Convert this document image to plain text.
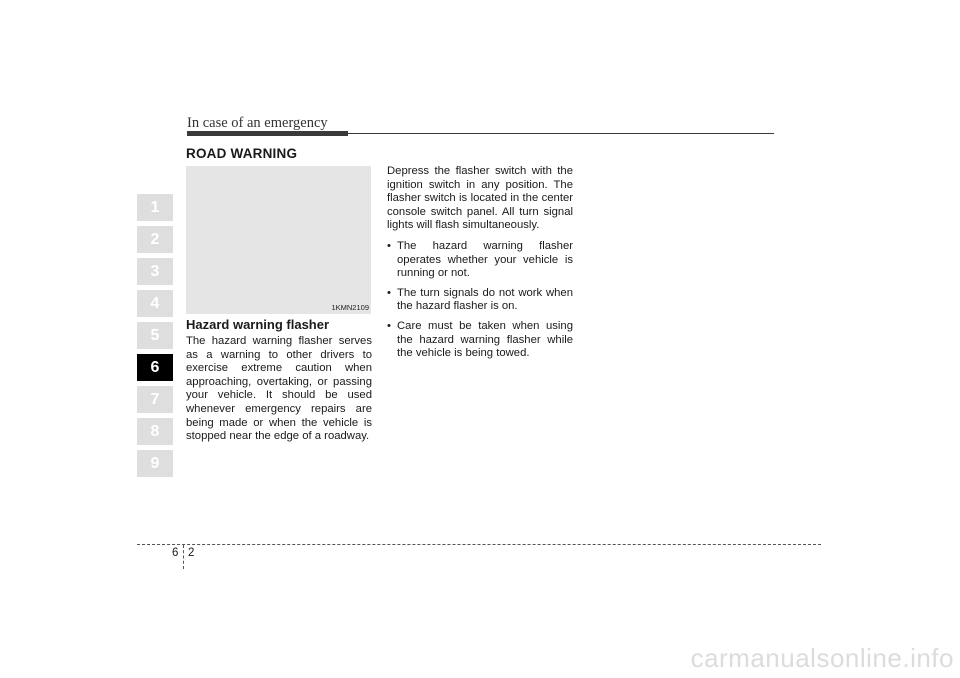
In case of an emergency
ROAD WARNING
1
2
3
4
5
6
7
8
9
1KMN2109
Hazard warning flasher

The hazard warning flasher serves as a warning to other drivers to exercise extreme caution when approaching, overtaking, or passing your vehicle. It should be used whenever emergency repairs are being made or when the vehicle is stopped near the edge of a roadway.

Depress the flasher switch with the ignition switch in any position. The flasher switch is located in the center console switch panel. All turn signal lights will flash simultaneously.

• The hazard warning flasher operates whether your vehicle is running or not.
• The turn signals do not work when the hazard flasher is on.
• Care must be taken when using the hazard warning flasher while the vehicle is being towed.
6 2
carmanualsonline.info
